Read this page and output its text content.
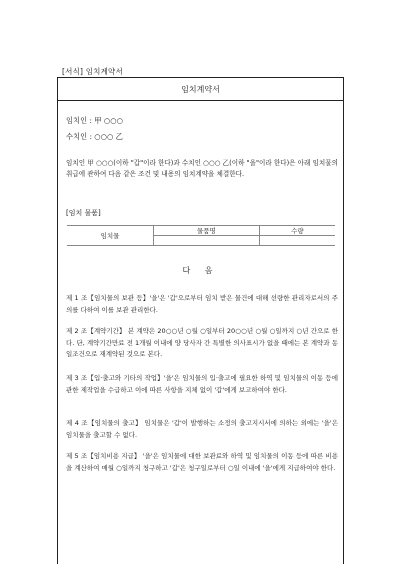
[서식] 임치계약서
임치계약서
임치인 : 甲 ○○○
수치인 : ○○○ 乙
임치인 甲 ○○○(이하 "갑"이라 한다)과 수치인 ○○○ 乙(이하 "을"이라 한다)은 아래 임치물의 취급에 관하여 다음 같은 조건 및 내용의 임치계약을 체결한다.
[임치 물품]
임치물	물품명	수량

다 음
제 1 조【임치물의 보관 등】'을'은 '갑'으로부터 임치 받은 물건에 대해 선량한 관리자로서의 주의를 다하여 이를 보관 관리한다.
제 2 조【계약기간】 본 계약은 20○○년 ○월 ○일부터 20○○년 ○월 ○일까지 ○년 간으로 한다. 단, 계약기간만료 전 1개월 이내에 양 당사자 간 특별한 의사표시가 없을 때에는 본 계약과 동일조건으로 재계약된 것으로 본다.
제 3 조【입·출고와 기타의 작업】'을'은 임치물의 입·출고에 필요한 하역 및 임치물의 이동 등에 관한 제작업을 수급하고 이에 따른 사항을 지체 없이 '갑'에게 보고하여야 한다.
제 4 조【임치물의 출고】 임치물은 '갑'이 발행하는 소정의 출고지시서에 의하는 외에는 '을'은 임치물을 출고할 수 없다.
제 5 조【임치비용 지급】 '을'은 임치물에 대한 보관료와 하역 및 임치물의 이동 등에 따른 비용을 계산하여 매월 ○일까지 청구하고 '갑'은 청구일로부터 ○일 이내에 '을'에게 지급하여야 한다.
